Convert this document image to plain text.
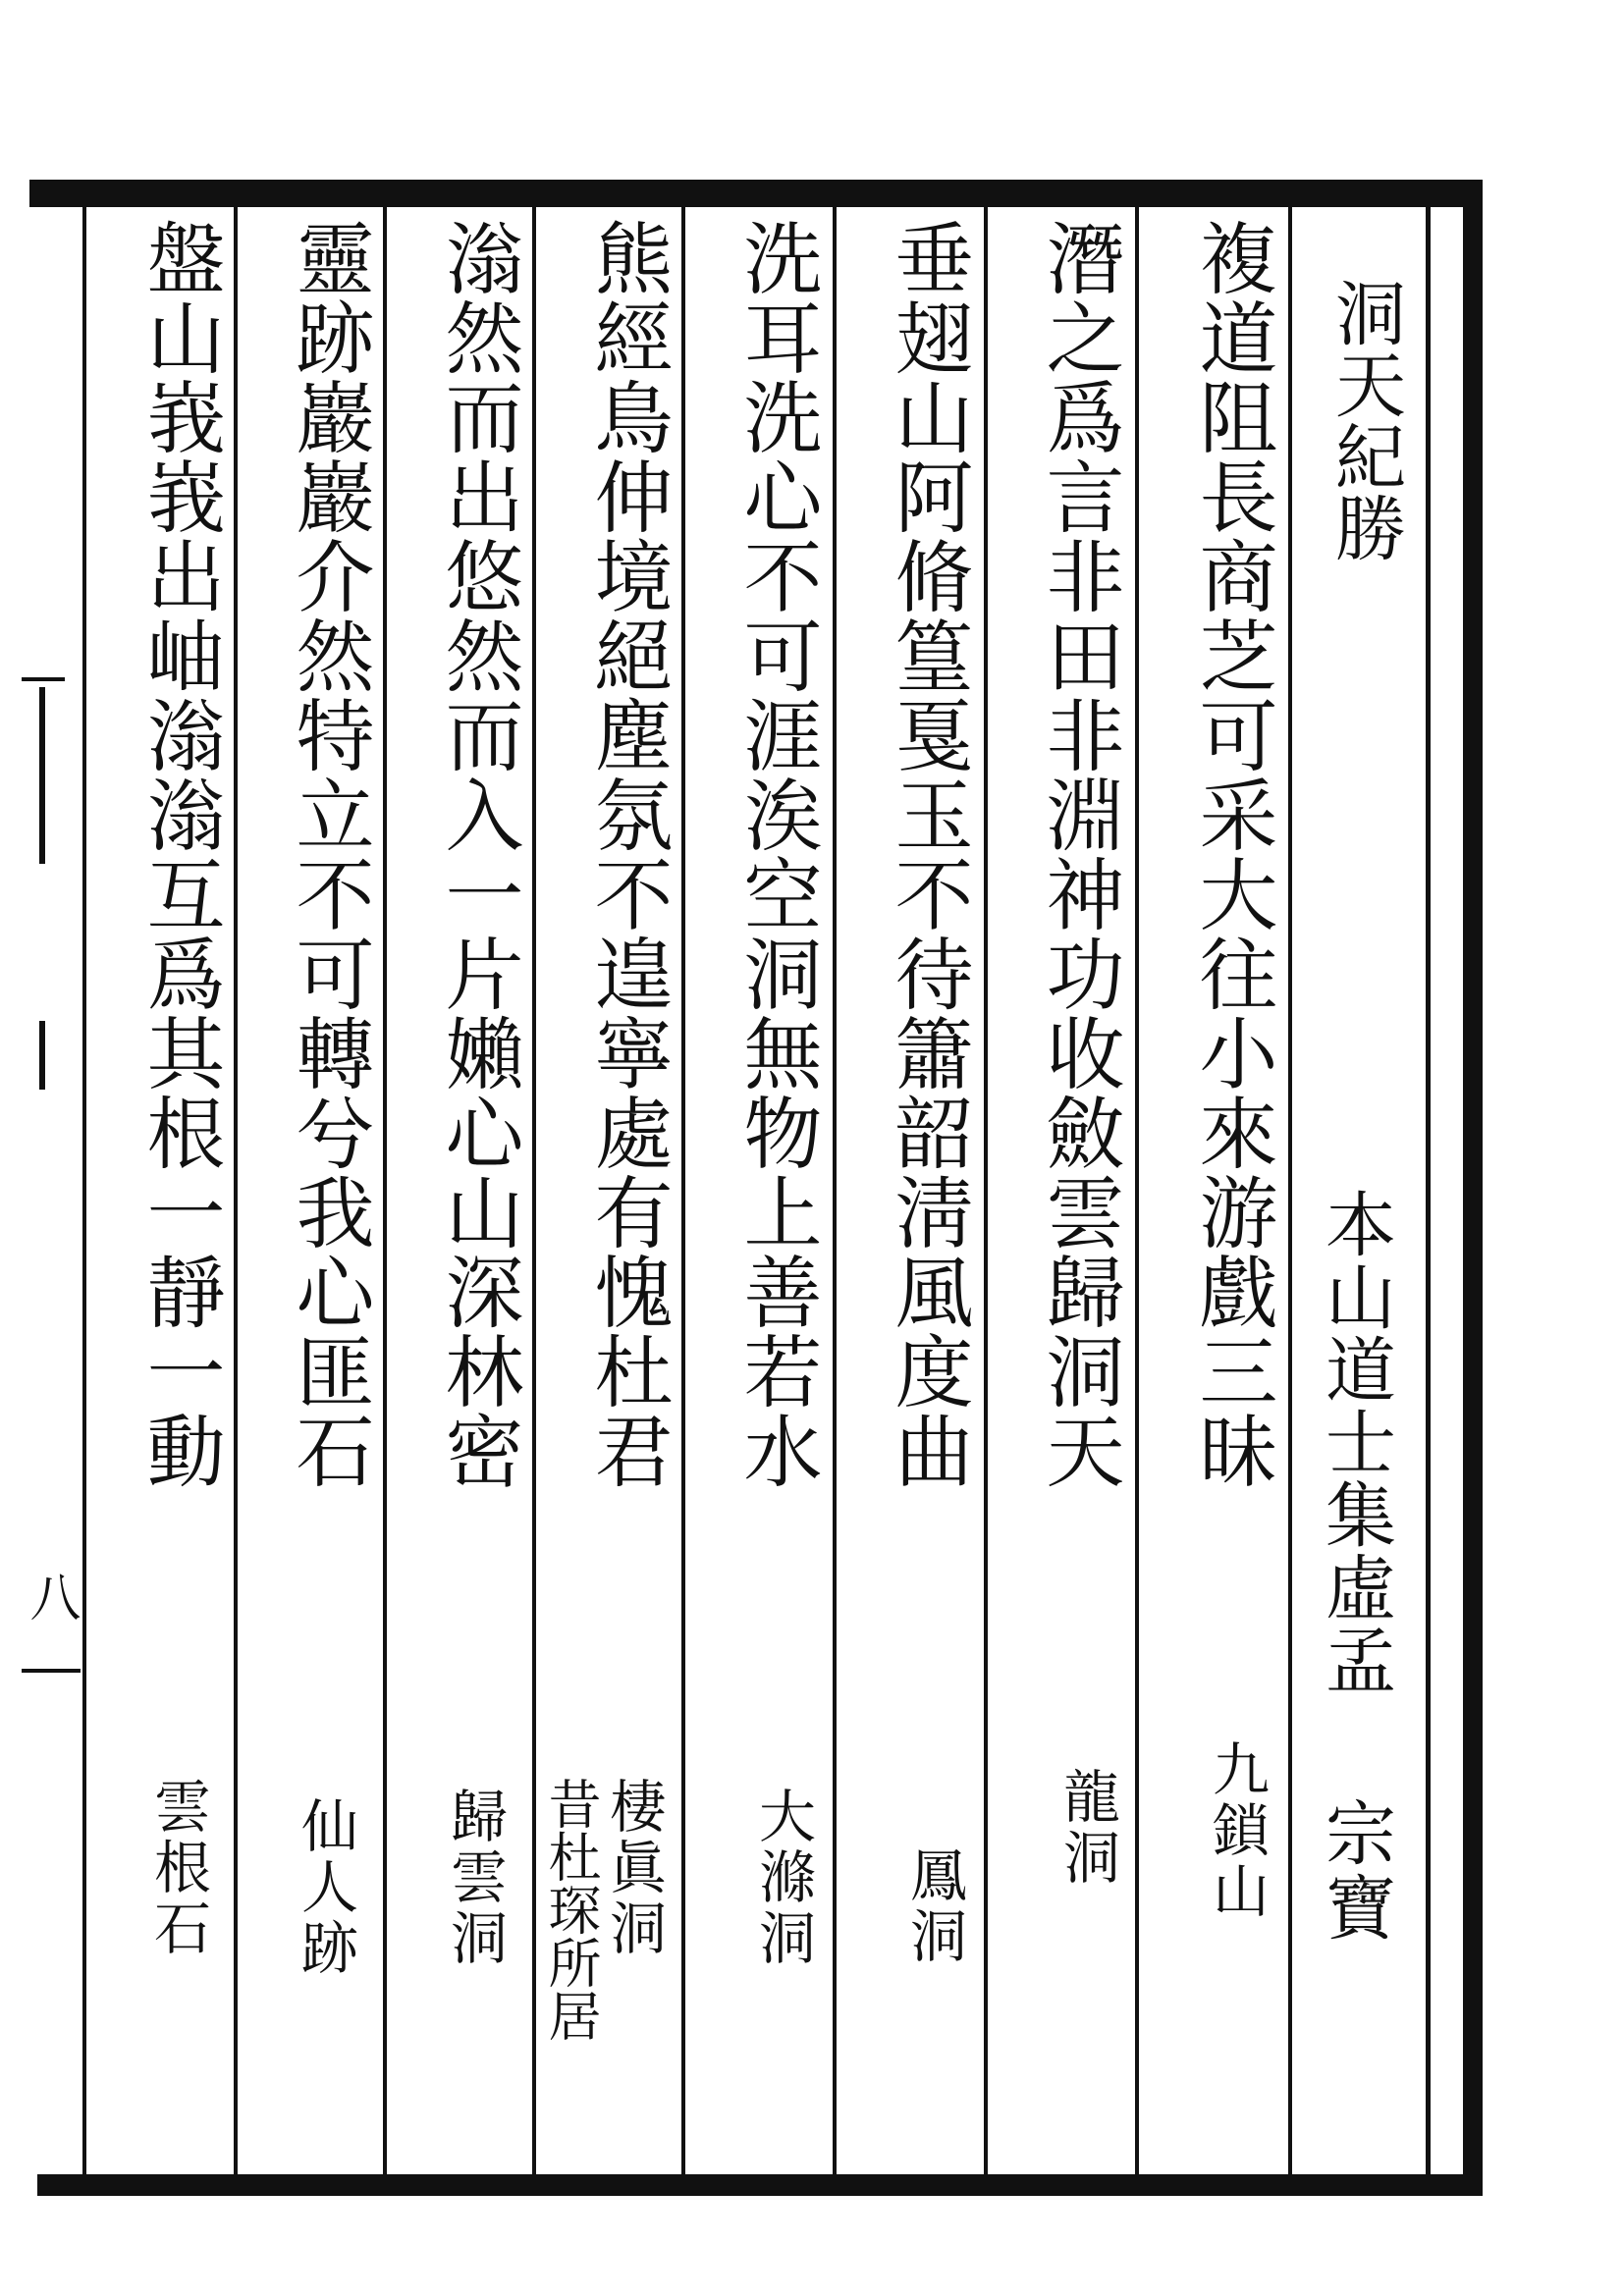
洞天紀勝
本山道士集虛孟
宗寶
複道阻長商芝可采大往小來游戲三昧
九鎖山
潛之爲言非田非淵神功收斂雲歸洞天
龍洞
垂翅山阿脩篁戛玉不待簫韶淸風度曲
鳳洞
洗耳洗心不可涯涘空洞無物上善若水
大滌洞
熊經鳥伸境絕塵氛不遑寧處有愧杜君
棲眞洞
昔杜琛所居
滃然而出悠然而入一片嬾心山深林密
歸雲洞
靈跡巖巖介然特立不可轉兮我心匪石
仙人跡
盤山峩峩出岫滃滃互爲其根一靜一動
雲根石
八
